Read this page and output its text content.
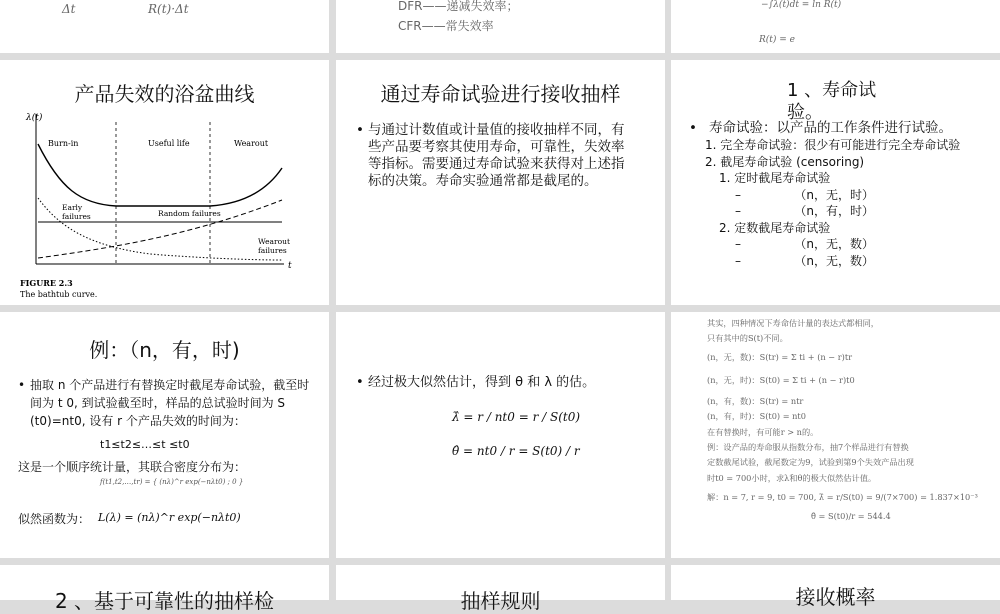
Δt	R(t)·Δt	DFR——递减失效率；
CFR——常失效率
−∫λ(t)dt = ln R(t)
R(t) = e
产品失效的浴盆曲线
λ(t)
t
Burn-in	Useful life	Wearout
Early
failures	Random failures
Wearout
failures
FIGURE 2.3
The bathtub curve.
通过寿命试验进行接收抽样
• 与通过计数值或计量值的接收抽样不同，有些产品要考察其使用寿命，可靠性，失效率等指标。需要通过寿命试验来获得对上述指标的决策。寿命实验通常都是截尾的。
1 、寿命试验。
• 寿命试验：以产品的工作条件进行试验。
1. 完全寿命试验：很少有可能进行完全寿命试验
2. 截尾寿命试验 (censoring)
1. 定时截尾寿命试验
–              （n，无，时）
–              （n，有，时）
2. 定数截尾寿命试验
–              （n，无，数）
–              （n，无，数）
例：（n，有，时)
• 抽取 n 个产品进行有替换定时截尾寿命试验，截至时间为 t 0, 到试验截至时，样品的总试验时间为 S (t0)=nt0, 设有 r 个产品失效的时间为：
t1≤t2≤…≤t ≤t0
这是一个顺序统计量，其联合密度分布为：
f(t1,t2,…,tr) = { (nλ)^r exp(−nλt0) ; 0 }
似然函数为： L(λ) = (nλ)^r exp(−nλt0)
• 经过极大似然估计，得到 θ 和 λ 的估。
λ̂ = r / nt0 = r / S(t0)
θ̂ = nt0 / r = S(t0) / r
其实，四种情况下寿命估计量的表达式都相同，
只有其中的S(t)不同。
(n，无，数)：S(tr) = Σ ti + (n − r)tr
(n，无，时)：S(t0) = Σ ti + (n − r)t0
(n，有，数)：S(tr) = ntr
(n，有，时)：S(t0) = nt0
在有替换时，有可能r > n的。
例：设产品的寿命服从指数分布，抽7个样品进行有替换
定数截尾试验，截尾数定为9，试验到第9个失效产品出现
时t0 = 700小时，求λ和θ的极大似然估计值。
解：n = 7, r = 9, t0 = 700, λ̂ = r/S(t0) = 9/(7×700) = 1.837×10⁻³
θ̂ = S(t0)/r = 544.4
2 、基于可靠性的抽样检	抽样规则	接收概率
